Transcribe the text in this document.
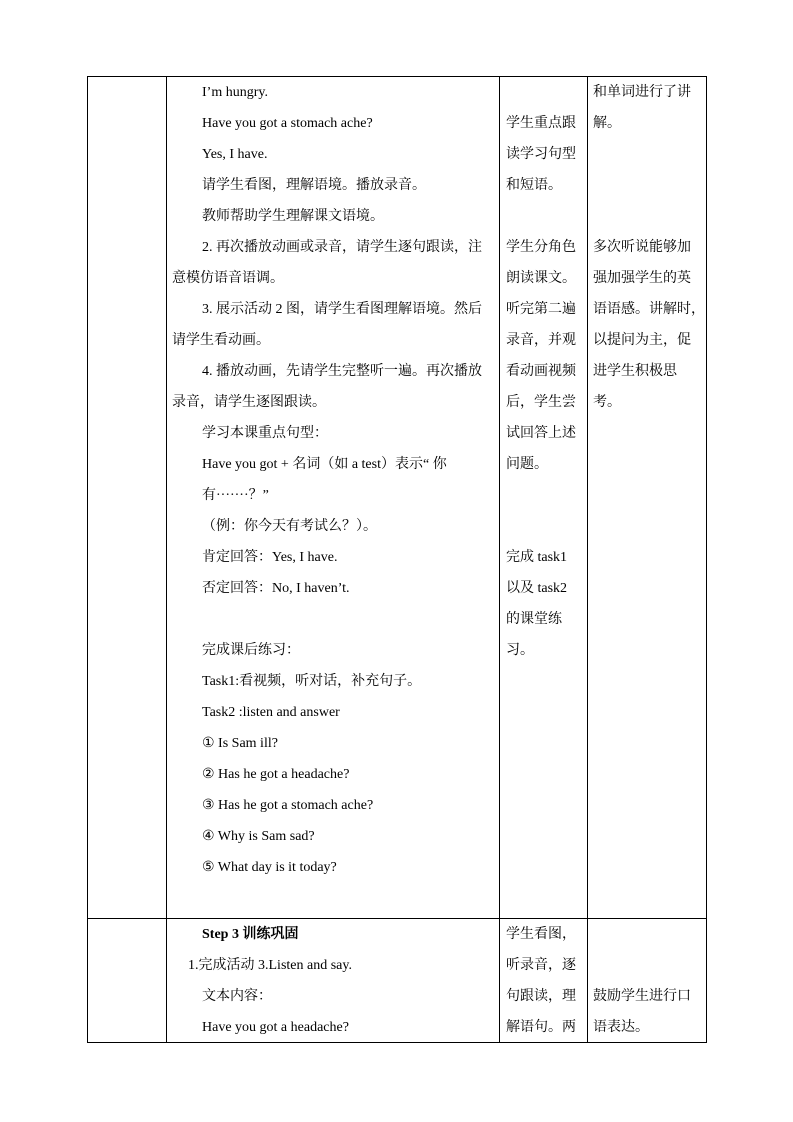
I’m hungry.

Have you got a stomach ache?

Yes, I have.

请学生看图，理解语境。播放录音。

教师帮助学生理解课文语境。

2. 再次播放动画或录音，请学生逐句跟读，注

意模仿语音语调。

3. 展示活动 2 图，请学生看图理解语境。然后

请学生看动画。

4. 播放动画，先请学生完整听一遍。再次播放

录音，请学生逐图跟读。

学习本课重点句型：

Have you got + 名词（如 a test）表示“ 你

有·······？”

（例：你今天有考试么？）。

肯定回答：Yes, I have.

否定回答：No, I haven’t.

完成课后练习：

Task1:看视频，听对话，补充句子。

Task2 :listen and answer

① Is Sam ill?

② Has he got a headache?

③ Has he got a stomach ache?

④ Why is Sam sad?

⑤ What day is it today?

学生重点跟

读学习句型

和短语。

学生分角色

朗读课文。

听完第二遍

录音，并观

看动画视频

后，学生尝

试回答上述

问题。

完成 task1

以及 task2

的课堂练

习。

和单词进行了讲

解。

多次听说能够加

强加强学生的英

语语感。讲解时，

以提问为主，促

进学生积极思

考。

Step 3 训练巩固

1.完成活动 3.Listen and say.

文本内容：

Have you got a headache?

学生看图，

听录音，逐

句跟读，理

解语句。两

鼓励学生进行口

语表达。
